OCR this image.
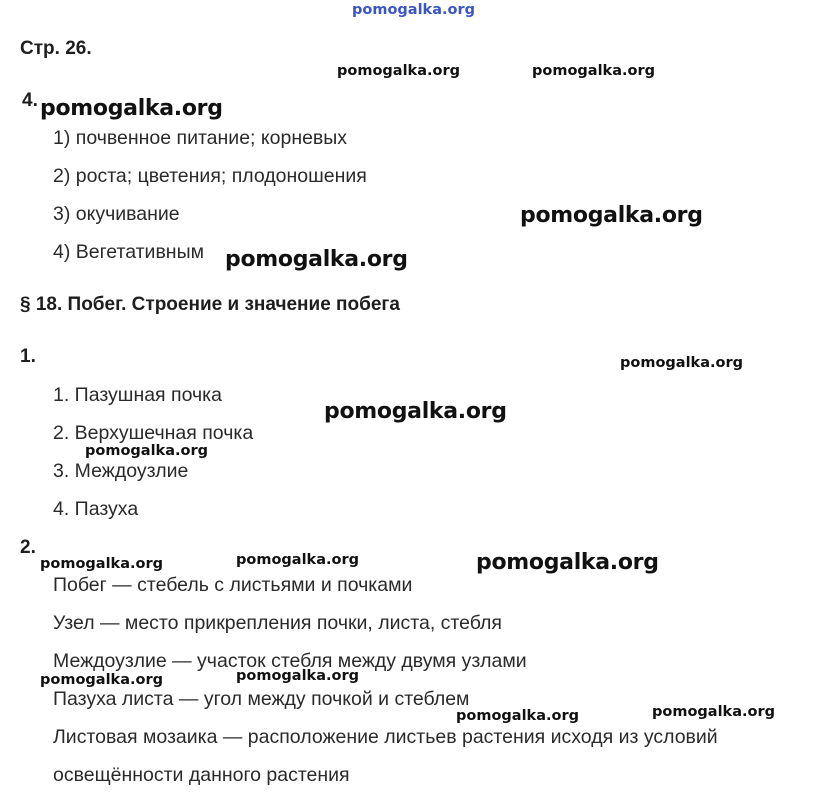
Стр. 26.
4.
1) почвенное питание; корневых
2) роста; цветения; плодоношения
3) окучивание
4) Вегетативным
§ 18. Побег. Строение и значение побега
1.
1. Пазушная почка
2. Верхушечная почка
3. Междоузлие
4. Пазуха
2.
Побег — стебель с листьями и почками
Узел — место прикрепления почки, листа, стебля
Междоузлие — участок стебля между двумя узлами
Пазуха листа — угол между почкой и стеблем
Листовая мозаика — расположение листьев растения исходя из условий
освещённости данного растения
pomogalka.org
pomogalka.org	pomogalka.org
pomogalka.org
pomogalka.org
pomogalka.org
pomogalka.org
pomogalka.org
pomogalka.org
pomogalka.org	pomogalka.org	pomogalka.org
pomogalka.org	pomogalka.org
pomogalka.org
pomogalka.org
